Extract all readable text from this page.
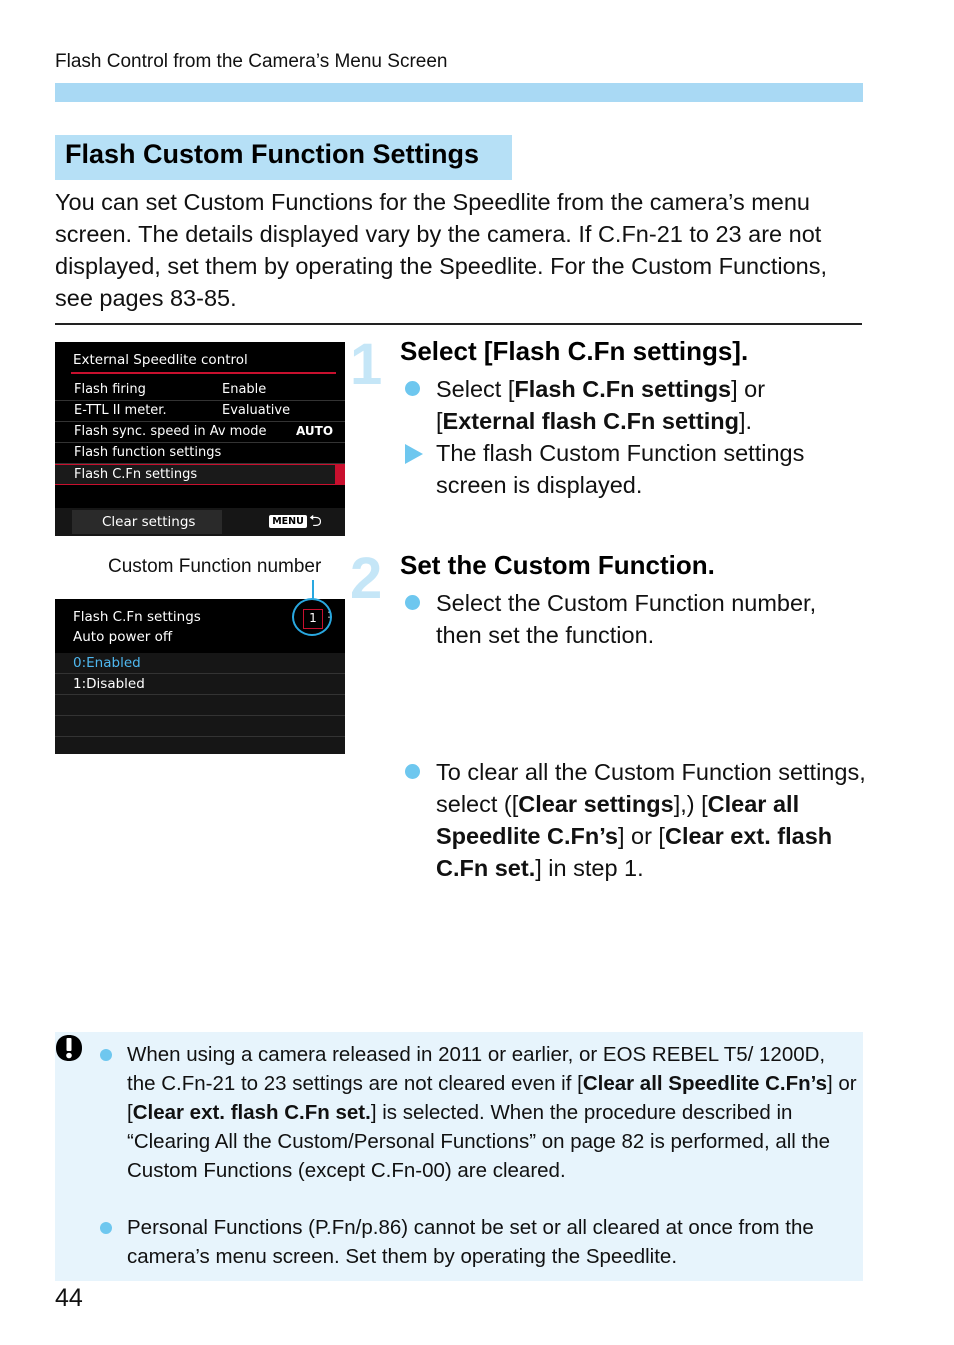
Flash Control from the Camera’s Menu Screen
Flash Custom Function Settings
You can set Custom Functions for the Speedlite from the camera’s menu screen. The details displayed vary by the camera. If C.Fn-21 to 23 are not displayed, set them by operating the Speedlite. For the Custom Functions, see pages 83-85.
External Speedlite control
Flash firing	Enable
E-TTL II meter.	Evaluative
Flash sync. speed in Av mode AUTO
Flash function settings
Flash C.Fn settings
Clear settings	MENU ⮌
Custom Function number
Flash C.Fn settings
Auto power off
1 :
0:Enabled
1:Disabled
1 Select [Flash C.Fn settings].
Select [Flash C.Fn settings] or [External flash C.Fn setting].
The flash Custom Function settings screen is displayed.
2 Set the Custom Function.
Select the Custom Function number, then set the function.
To clear all the Custom Function settings, select ([Clear settings],) [Clear all Speedlite C.Fn’s] or [Clear ext. flash C.Fn set.] in step 1.
When using a camera released in 2011 or earlier, or EOS REBEL T5/ 1200D, the C.Fn-21 to 23 settings are not cleared even if [Clear all Speedlite C.Fn’s] or [Clear ext. flash C.Fn set.] is selected. When the procedure described in “Clearing All the Custom/Personal Functions” on page 82 is performed, all the Custom Functions (except C.Fn-00) are cleared.
Personal Functions (P.Fn/p.86) cannot be set or all cleared at once from the camera’s menu screen. Set them by operating the Speedlite.
44
